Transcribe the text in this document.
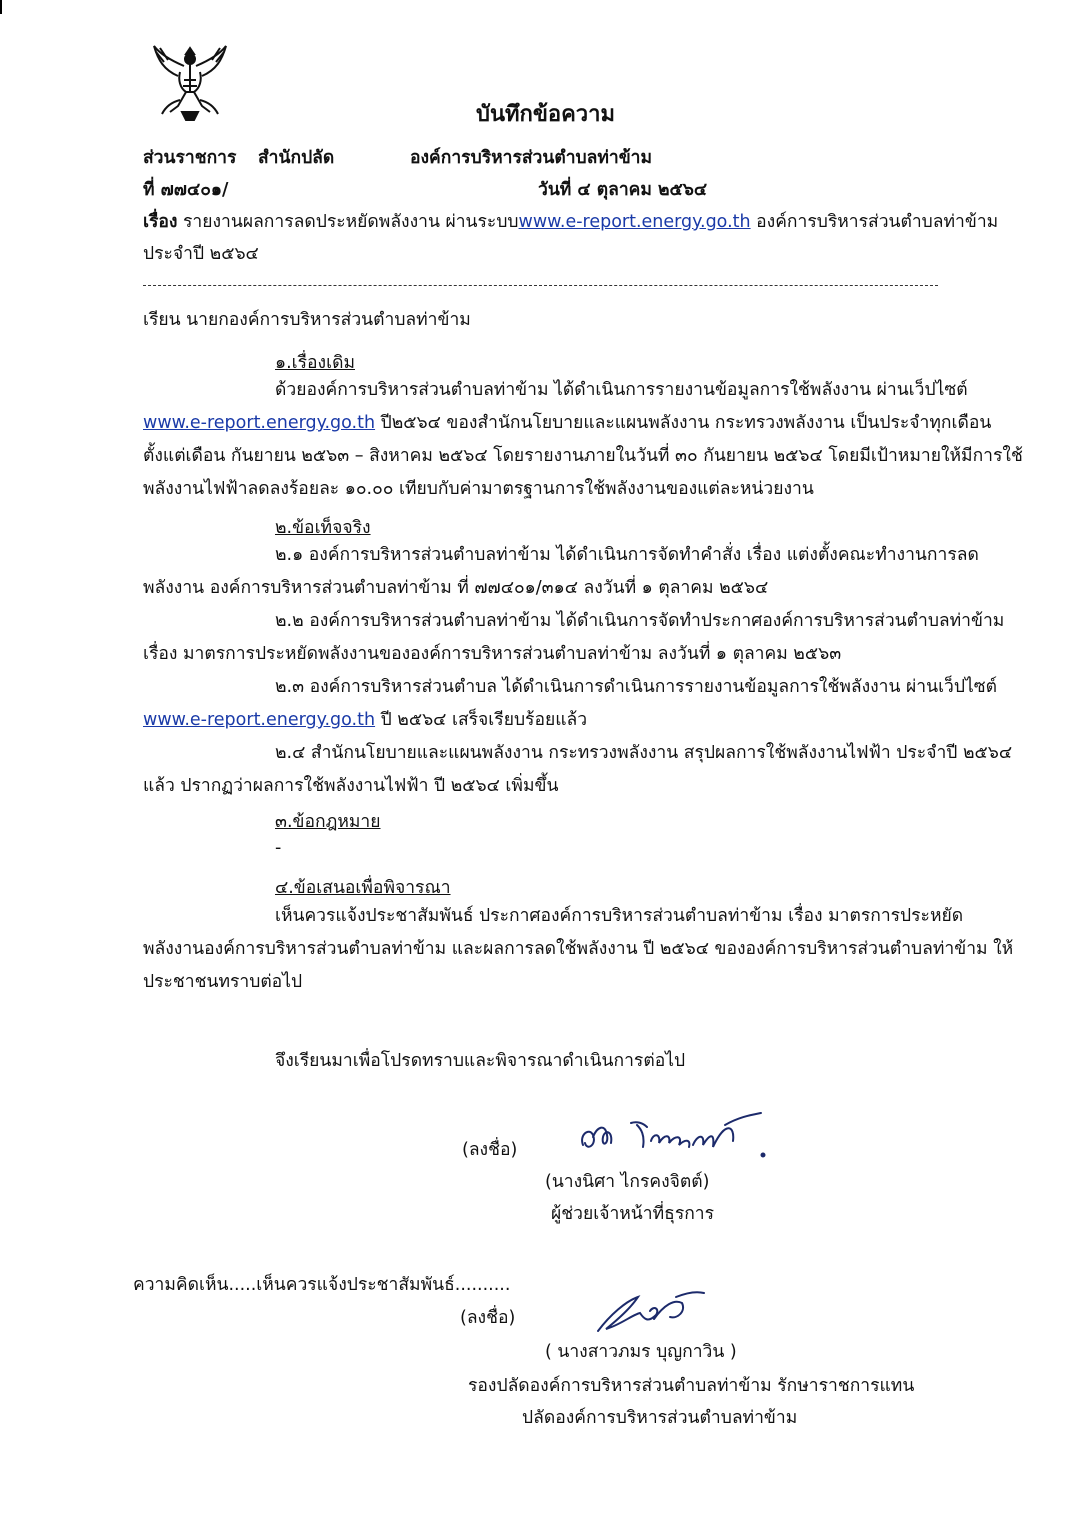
บันทึกข้อความ
ส่วนราชการ สำนักปลัด	องค์การบริหารส่วนตำบลท่าข้าม
ที่ ๗๗๔๐๑/	วันที่ ๔ ตุลาคม ๒๕๖๔
เรื่อง รายงานผลการลดประหยัดพลังงาน ผ่านระบบwww.e-report.energy.go.th องค์การบริหารส่วนตำบลท่าข้าม
ประจำปี ๒๕๖๔
เรียน นายกองค์การบริหารส่วนตำบลท่าข้าม
๑.เรื่องเดิม
ด้วยองค์การบริหารส่วนตำบลท่าข้าม ได้ดำเนินการรายงานข้อมูลการใช้พลังงาน ผ่านเว็ปไซต์ www.e-report.energy.go.th ปี๒๕๖๔ ของสำนักนโยบายและแผนพลังงาน กระทรวงพลังงาน เป็นประจำทุกเดือน ตั้งแต่เดือน กันยายน ๒๕๖๓ – สิงหาคม ๒๕๖๔ โดยรายงานภายในวันที่ ๓๐ กันยายน ๒๕๖๔ โดยมีเป้าหมายให้มีการใช้พลังงานไฟฟ้าลดลงร้อยละ ๑๐.๐๐ เทียบกับค่ามาตรฐานการใช้พลังงานของแต่ละหน่วยงาน
๒.ข้อเท็จจริง
๒.๑ องค์การบริหารส่วนตำบลท่าข้าม ได้ดำเนินการจัดทำคำสั่ง เรื่อง แต่งตั้งคณะทำงานการลดพลังงาน องค์การบริหารส่วนตำบลท่าข้าม ที่ ๗๗๔๐๑/๓๑๔ ลงวันที่ ๑ ตุลาคม ๒๕๖๔
๒.๒ องค์การบริหารส่วนตำบลท่าข้าม ได้ดำเนินการจัดทำประกาศองค์การบริหารส่วนตำบลท่าข้าม เรื่อง มาตรการประหยัดพลังงานขององค์การบริหารส่วนตำบลท่าข้าม ลงวันที่ ๑ ตุลาคม ๒๕๖๓
๒.๓ องค์การบริหารส่วนตำบล ได้ดำเนินการดำเนินการรายงานข้อมูลการใช้พลังงาน ผ่านเว็ปไซต์ www.e-report.energy.go.th ปี ๒๕๖๔ เสร็จเรียบร้อยแล้ว
๒.๔ สำนักนโยบายและแผนพลังงาน กระทรวงพลังงาน สรุปผลการใช้พลังงานไฟฟ้า ประจำปี ๒๕๖๔ แล้ว ปรากฏว่าผลการใช้พลังงานไฟฟ้า ปี ๒๕๖๔ เพิ่มขึ้น
๓.ข้อกฎหมาย
-
๔.ข้อเสนอเพื่อพิจารณา
เห็นควรแจ้งประชาสัมพันธ์ ประกาศองค์การบริหารส่วนตำบลท่าข้าม เรื่อง มาตรการประหยัดพลังงานองค์การบริหารส่วนตำบลท่าข้าม และผลการลดใช้พลังงาน ปี ๒๕๖๔ ขององค์การบริหารส่วนตำบลท่าข้าม ให้ประชาชนทราบต่อไป
จึงเรียนมาเพื่อโปรดทราบและพิจารณาดำเนินการต่อไป
(ลงชื่อ)
(นางนิศา ไกรคงจิตต์)
ผู้ช่วยเจ้าหน้าที่ธุรการ
ความคิดเห็น.....เห็นควรแจ้งประชาสัมพันธ์..........
(ลงชื่อ)
( นางสาวภมร บุญกาวิน )
รองปลัดองค์การบริหารส่วนตำบลท่าข้าม รักษาราชการแทน
ปลัดองค์การบริหารส่วนตำบลท่าข้าม
